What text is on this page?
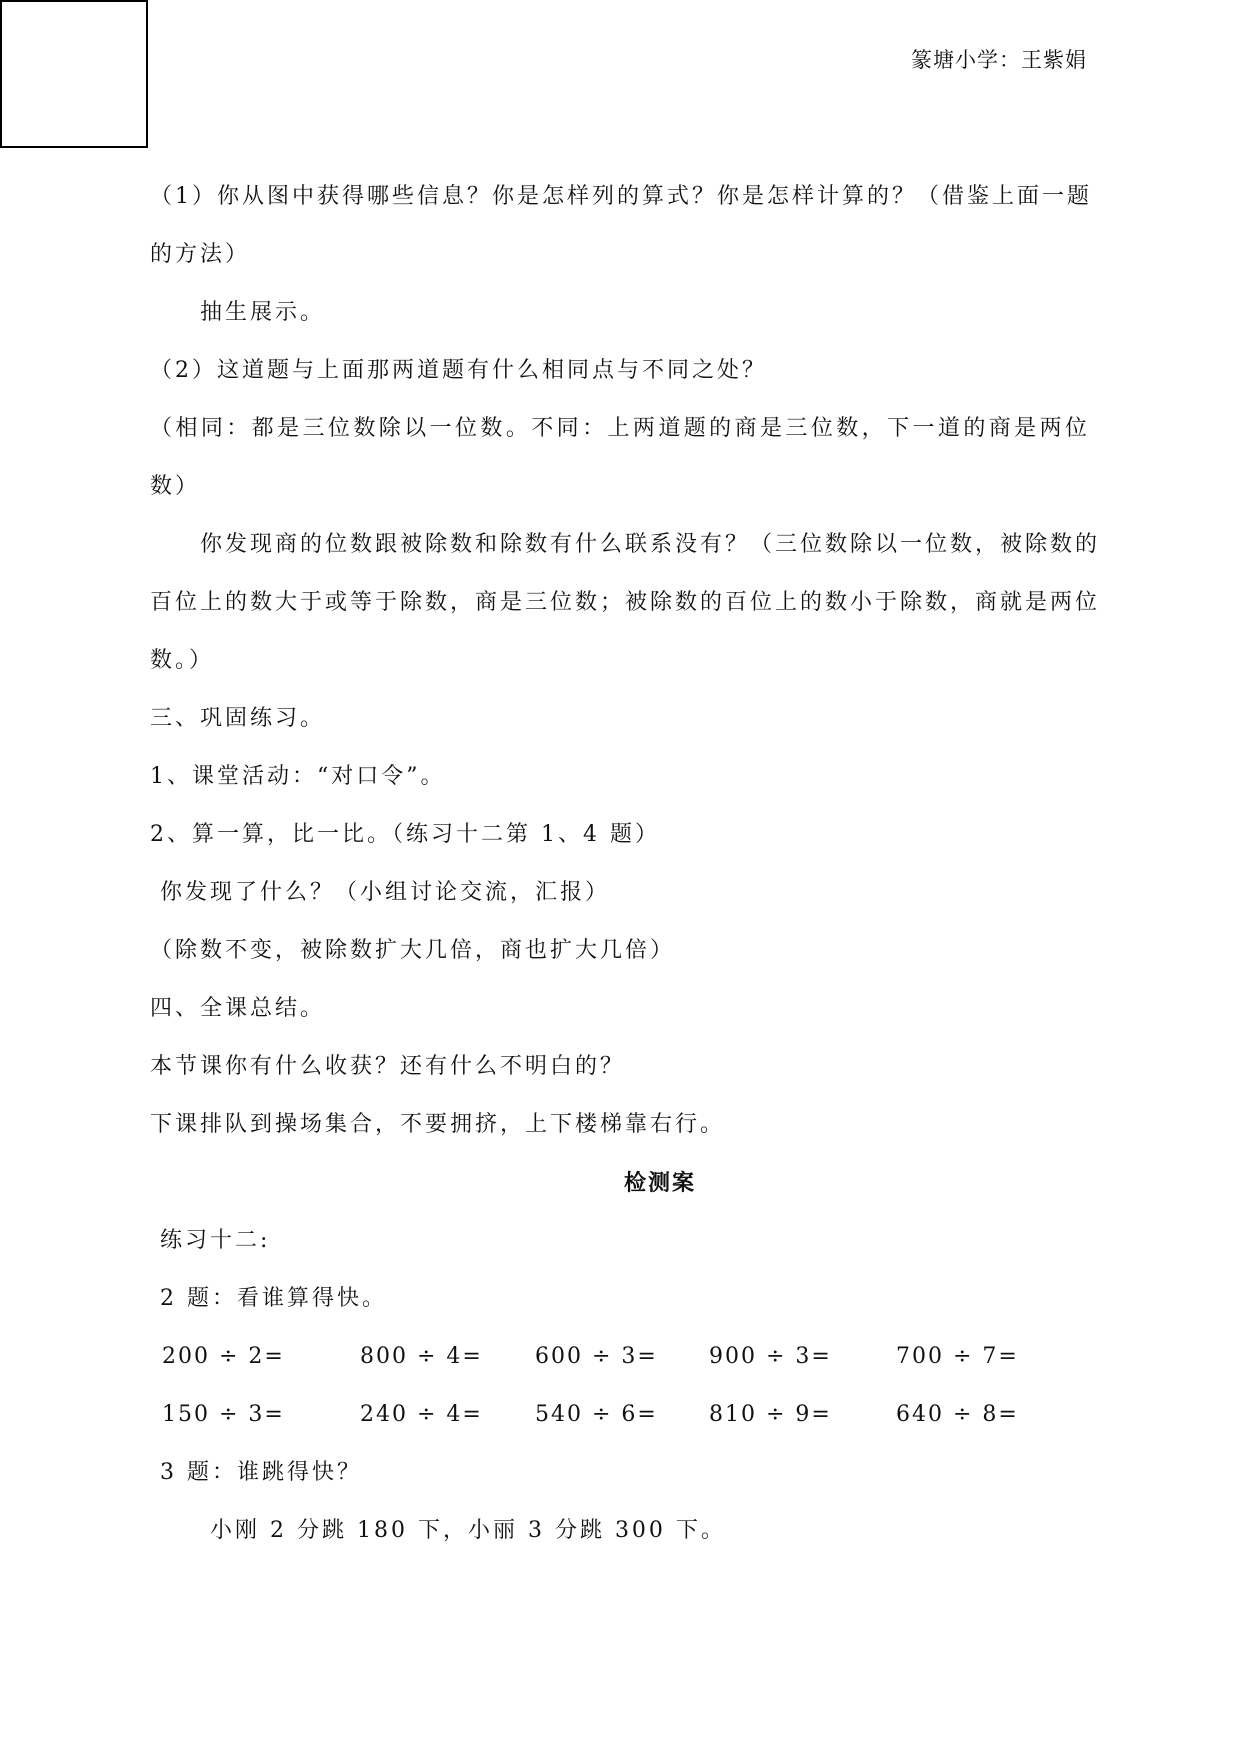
篆塘小学：王紫娟
（1）你从图中获得哪些信息？你是怎样列的算式？你是怎样计算的？（借鉴上面一题
的方法）
抽生展示。
（2）这道题与上面那两道题有什么相同点与不同之处？
（相同：都是三位数除以一位数。不同：上两道题的商是三位数，下一道的商是两位
数）
你发现商的位数跟被除数和除数有什么联系没有？（三位数除以一位数，被除数的
百位上的数大于或等于除数，商是三位数；被除数的百位上的数小于除数，商就是两位
数。）
三、巩固练习。
1、课堂活动：“对口令”。
2、算一算，比一比。（练习十二第 1、4 题）
你发现了什么？（小组讨论交流，汇报）
（除数不变，被除数扩大几倍，商也扩大几倍）
四、全课总结。
本节课你有什么收获？还有什么不明白的？
下课排队到操场集合，不要拥挤，上下楼梯靠右行。
检测案
练习十二:
2 题：看谁算得快。
200 ÷ 2=	800 ÷ 4=	600 ÷ 3=	900 ÷ 3=	700 ÷ 7=
150 ÷ 3=	240 ÷ 4=	540 ÷ 6=	810 ÷ 9=	640 ÷ 8=
3 题：谁跳得快？
小刚 2 分跳 180 下，小丽 3 分跳 300 下。
